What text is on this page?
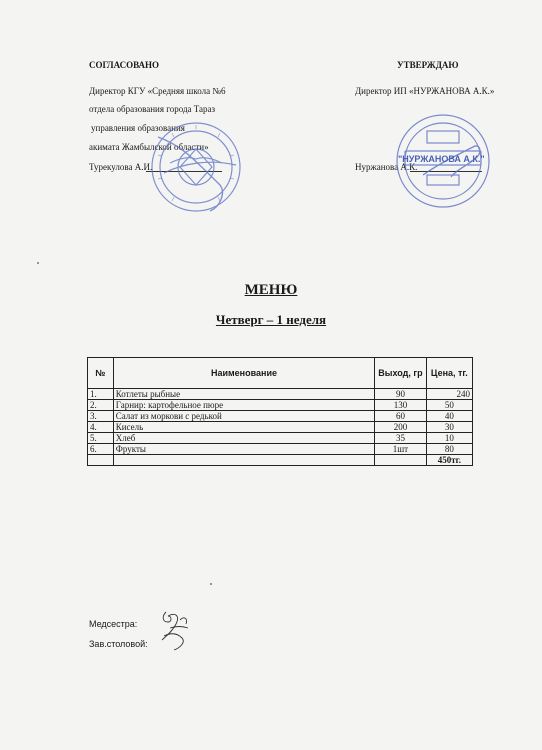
СОГЛАСОВАНО	УТВЕРЖДАЮ
Директор КГУ «Средняя школа №6
отдела образования города Тараз
управления образования
акимата Жамбылской области»
Турекулова А.И.
Директор ИП «НУРЖАНОВА А.К.»
Нуржанова А.К.
"НУРЖАНОВА А.К."
МЕНЮ
Четверг – 1 неделя
№	Наименование	Выход, гр	Цена, тг.
1.	Котлеты рыбные	90	240
2.	Гарнир: картофельное пюре	130	50
3.	Салат из моркови с редькой	60	40
4.	Кисель	200	30
5.	Хлеб	35	10
6.	Фрукты	1шт	80
			450тг.
Медсестра:
Зав.столовой:
